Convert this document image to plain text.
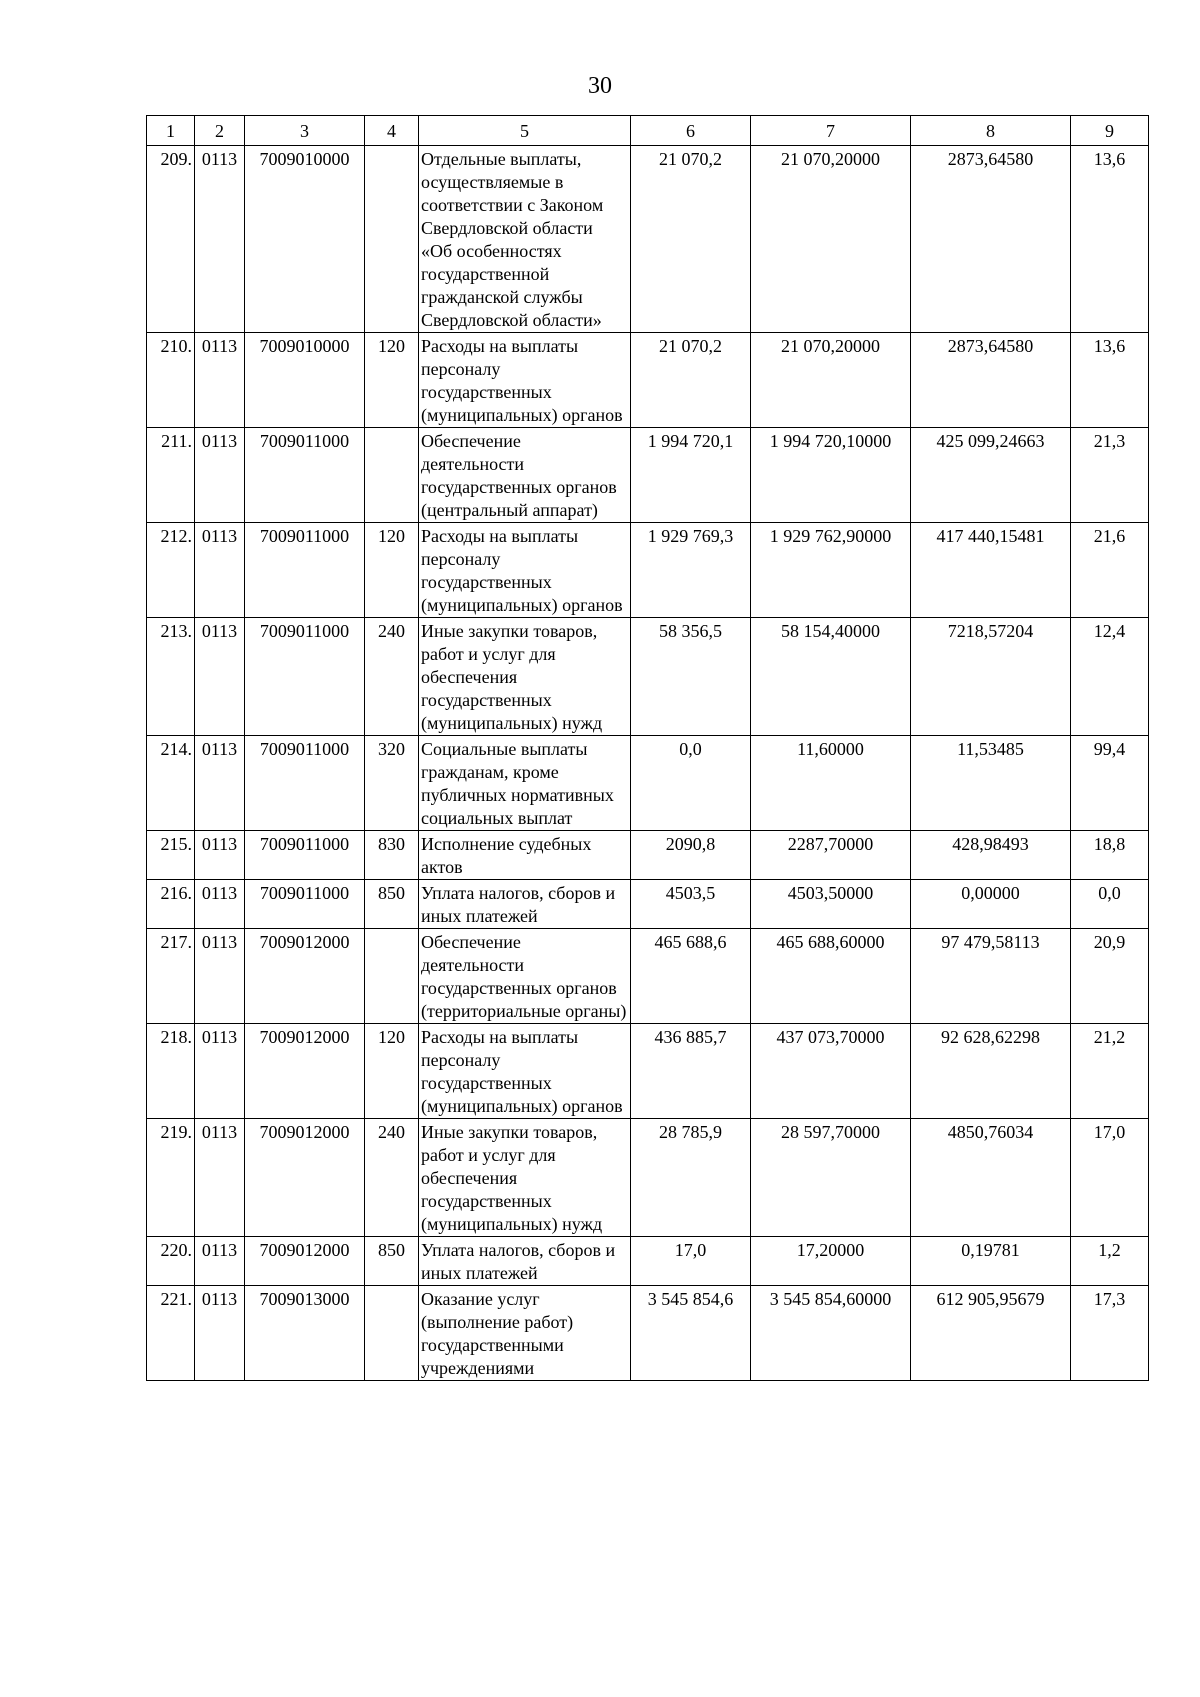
30
1	2	3	4	5	6	7	8	9
209.	0113	7009010000		Отдельные выплаты, осуществляемые в соответствии с Законом Свердловской области «Об особенностях государственной гражданской службы Свердловской области»	21 070,2	21 070,20000	2873,64580	13,6
210.	0113	7009010000	120	Расходы на выплаты персоналу государственных (муниципальных) органов	21 070,2	21 070,20000	2873,64580	13,6
211.	0113	7009011000		Обеспечение деятельности государственных органов (центральный аппарат)	1 994 720,1	1 994 720,10000	425 099,24663	21,3
212.	0113	7009011000	120	Расходы на выплаты персоналу государственных (муниципальных) органов	1 929 769,3	1 929 762,90000	417 440,15481	21,6
213.	0113	7009011000	240	Иные закупки товаров, работ и услуг для обеспечения государственных (муниципальных) нужд	58 356,5	58 154,40000	7218,57204	12,4
214.	0113	7009011000	320	Социальные выплаты гражданам, кроме публичных нормативных социальных выплат	0,0	11,60000	11,53485	99,4
215.	0113	7009011000	830	Исполнение судебных актов	2090,8	2287,70000	428,98493	18,8
216.	0113	7009011000	850	Уплата налогов, сборов и иных платежей	4503,5	4503,50000	0,00000	0,0
217.	0113	7009012000		Обеспечение деятельности государственных органов (территориальные органы)	465 688,6	465 688,60000	97 479,58113	20,9
218.	0113	7009012000	120	Расходы на выплаты персоналу государственных (муниципальных) органов	436 885,7	437 073,70000	92 628,62298	21,2
219.	0113	7009012000	240	Иные закупки товаров, работ и услуг для обеспечения государственных (муниципальных) нужд	28 785,9	28 597,70000	4850,76034	17,0
220.	0113	7009012000	850	Уплата налогов, сборов и иных платежей	17,0	17,20000	0,19781	1,2
221.	0113	7009013000		Оказание услуг (выполнение работ) государственными учреждениями	3 545 854,6	3 545 854,60000	612 905,95679	17,3
